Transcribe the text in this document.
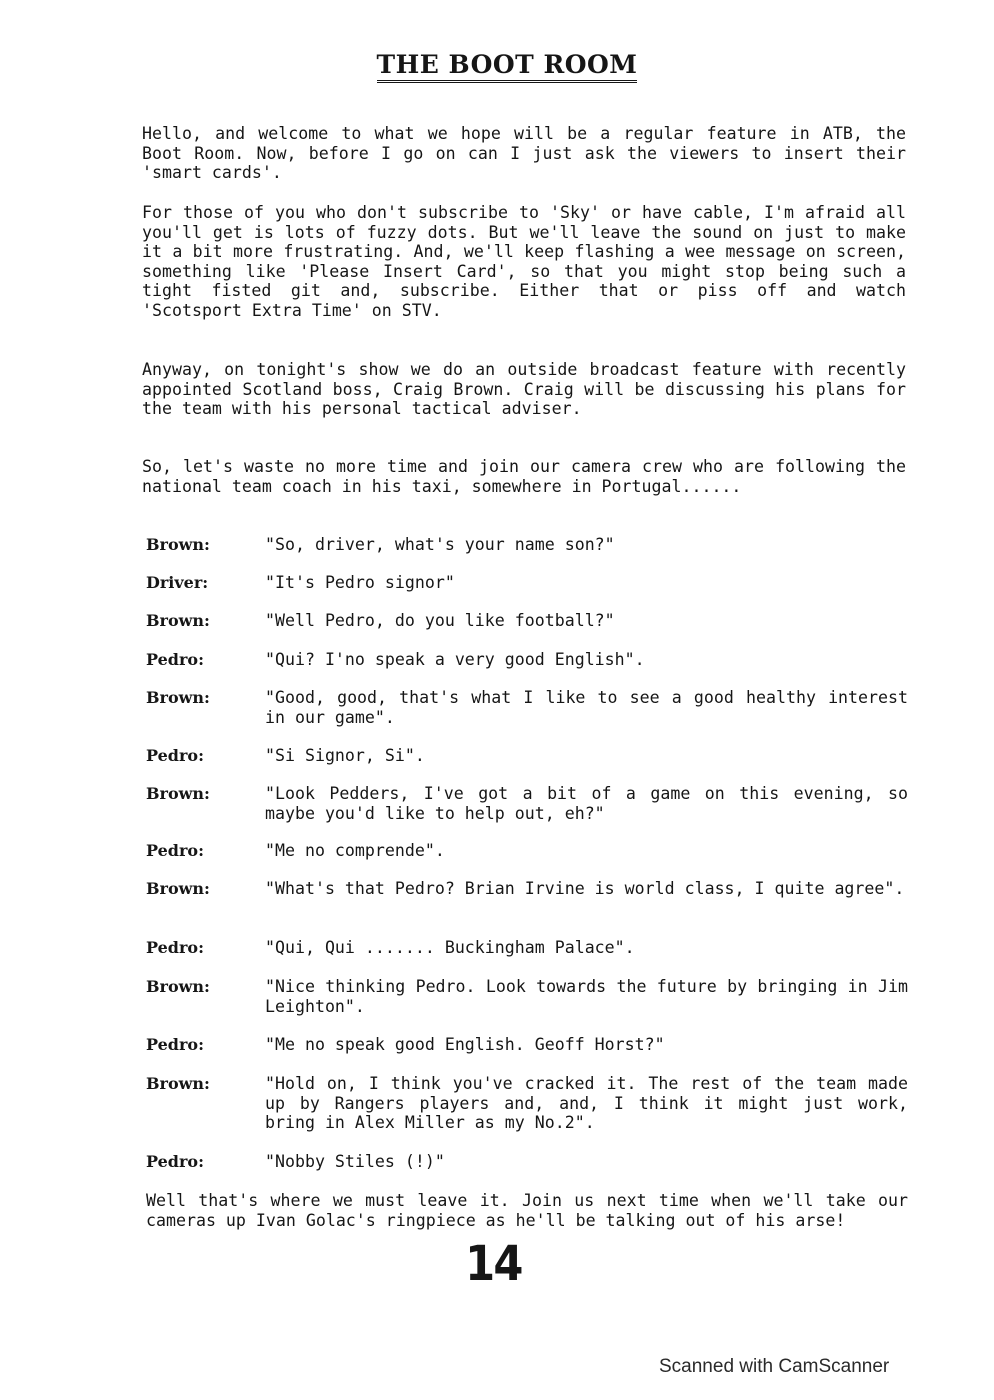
THE BOOT ROOM

Hello, and welcome to what we hope will be a regular feature in ATB, the Boot Room. Now, before I go on can I just ask the viewers to insert their 'smart cards'.

For those of you who don't subscribe to 'Sky' or have cable, I'm afraid all you'll get is lots of fuzzy dots. But we'll leave the sound on just to make it a bit more frustrating. And, we'll keep flashing a wee message on screen, something like 'Please Insert Card', so that you might stop being such a tight fisted git and, subscribe. Either that or piss off and watch 'Scotsport Extra Time' on STV.

Anyway, on tonight's show we do an outside broadcast feature with recently appointed Scotland boss, Craig Brown. Craig will be discussing his plans for the team with his personal tactical adviser.

So, let's waste no more time and join our camera crew who are following the national team coach in his taxi, somewhere in Portugal......

Brown:	"So, driver, what's your name son?"
Driver:	"It's Pedro signor"
Brown:	"Well Pedro, do you like football?"
Pedro:	"Qui? I'no speak a very good English".
Brown:	"Good, good, that's what I like to see a good healthy interest in our game".
Pedro:	"Si Signor, Si".
Brown:	"Look Pedders, I've got a bit of a game on this evening, so maybe you'd like to help out, eh?"
Pedro:	"Me no comprende".
Brown:	"What's that Pedro? Brian Irvine is world class, I quite agree".
Pedro:	"Qui, Qui ....... Buckingham Palace".
Brown:	"Nice thinking Pedro. Look towards the future by bringing in Jim Leighton".
Pedro:	"Me no speak good English. Geoff Horst?"
Brown:	"Hold on, I think you've cracked it. The rest of the team made up by Rangers players and, and, I think it might just work, bring in Alex Miller as my No.2".
Pedro:	"Nobby Stiles (!)"

Well that's where we must leave it. Join us next time when we'll take our cameras up Ivan Golac's ringpiece as he'll be talking out of his arse!

14
Scanned with CamScanner
